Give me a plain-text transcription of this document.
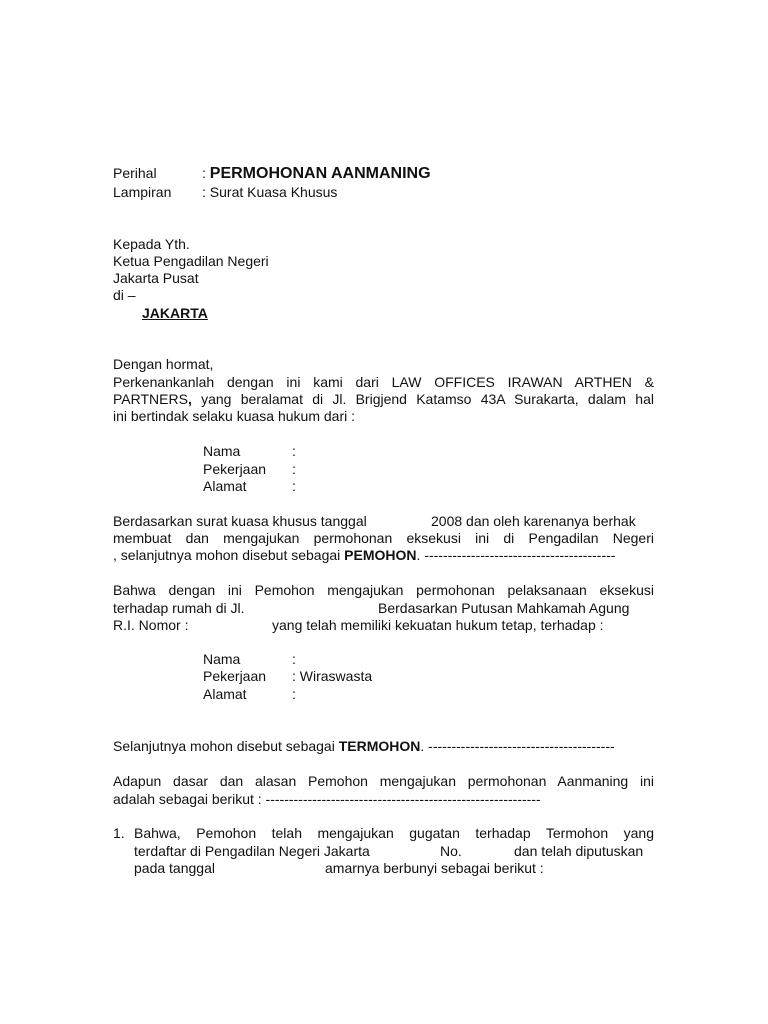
Perihal	: PERMOHONAN AANMANING
Lampiran : Surat Kuasa Khusus
Kepada Yth.
Ketua Pengadilan Negeri
Jakarta Pusat
di –
JAKARTA
Dengan hormat,
Perkenankanlah dengan ini kami dari LAW OFFICES IRAWAN ARTHEN &
PARTNERS, yang beralamat di Jl. Brigjend Katamso 43A Surakarta, dalam hal
ini bertindak selaku kuasa hukum dari :
Nama	:
Pekerjaan :
Alamat	:
Berdasarkan surat kuasa khusus tanggal	2008 dan oleh karenanya berhak
membuat dan mengajukan permohonan eksekusi ini di Pengadilan Negeri
, selanjutnya mohon disebut sebagai PEMOHON. -----------------------------------------
Bahwa dengan ini Pemohon mengajukan permohonan pelaksanaan eksekusi
terhadap rumah di Jl.	Berdasarkan Putusan Mahkamah Agung
R.I. Nomor :	yang telah memiliki kekuatan hukum tetap, terhadap :
Nama	:
Pekerjaan : Wiraswasta
Alamat	:
Selanjutnya mohon disebut sebagai TERMOHON. ----------------------------------------
Adapun dasar dan alasan Pemohon mengajukan permohonan Aanmaning ini
adalah sebagai berikut : -----------------------------------------------------------
1. Bahwa, Pemohon telah mengajukan gugatan terhadap Termohon yang
terdaftar di Pengadilan Negeri Jakarta	No.	dan telah diputuskan
pada tanggal	amarnya berbunyi sebagai berikut :
